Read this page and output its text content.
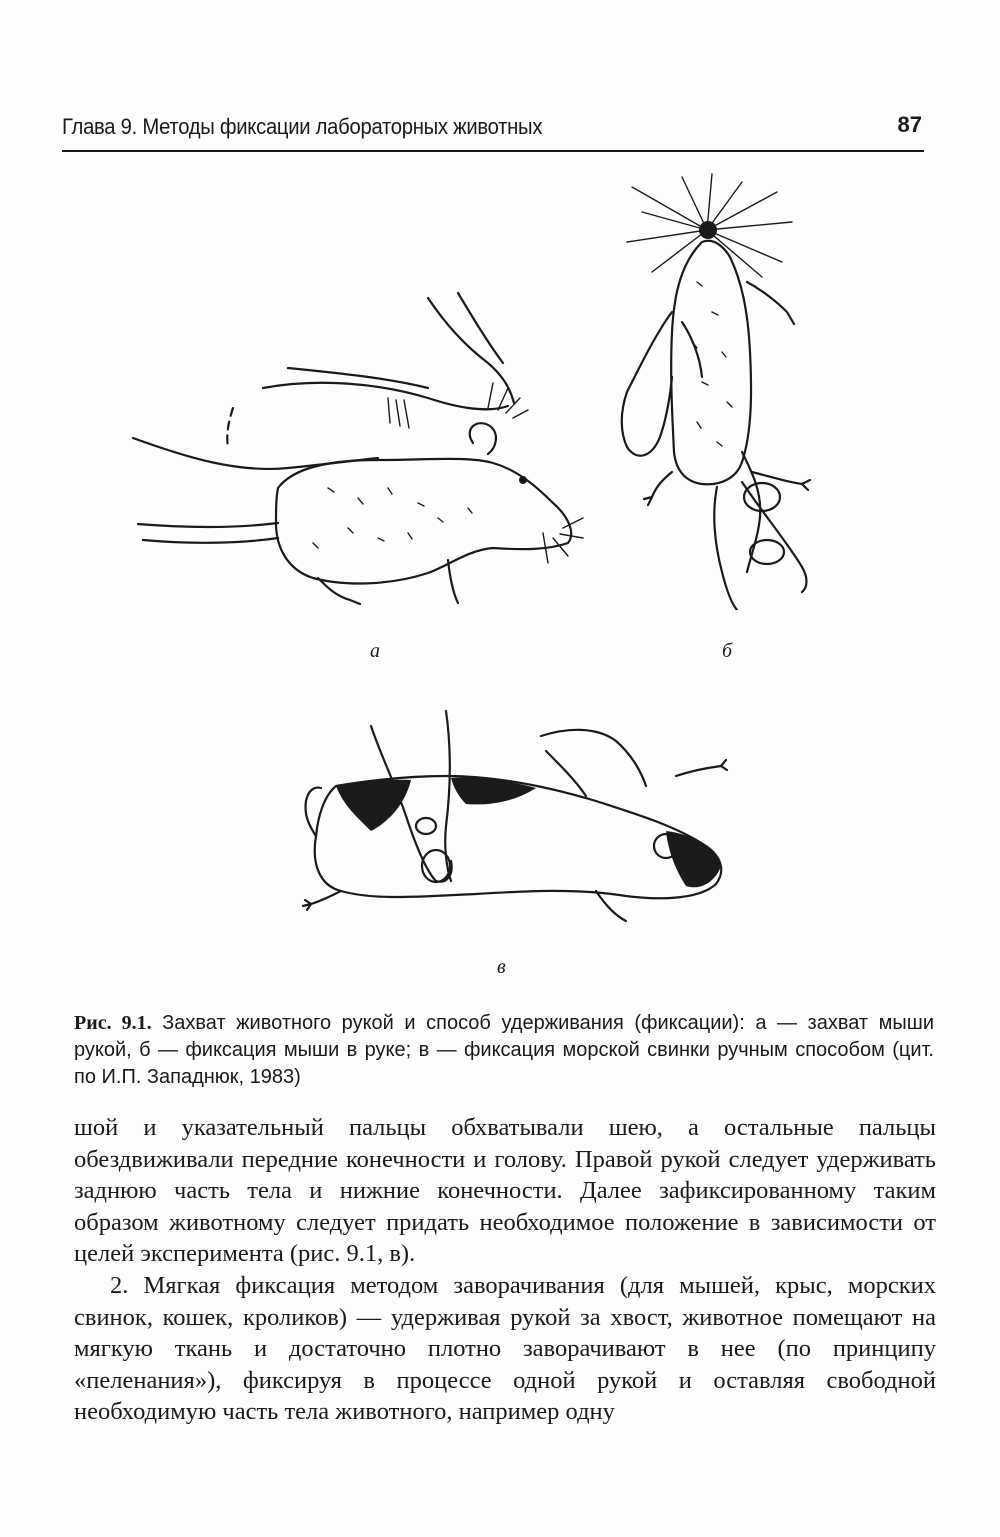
Глава 9. Методы фиксации лабораторных животных	87
а	б
в
Рис. 9.1. Захват животного рукой и способ удерживания (фиксации): а — захват мыши рукой, б — фиксация мыши в руке; в — фиксация морской свинки ручным способом (цит. по И.П. Западнюк, 1983)

шой и указательный пальцы обхватывали шею, а остальные пальцы обездвиживали передние конечности и голову. Правой рукой следует удерживать заднюю часть тела и нижние конечности. Далее зафиксированному таким образом животному следует придать необходимое положение в зависимости от целей эксперимента (рис. 9.1, в).

2. Мягкая фиксация методом заворачивания (для мышей, крыс, морских свинок, кошек, кроликов) — удерживая рукой за хвост, животное помещают на мягкую ткань и достаточно плотно заворачивают в нее (по принципу «пеленания»), фиксируя в процессе одной рукой и оставляя свободной необходимую часть тела животного, например одну
